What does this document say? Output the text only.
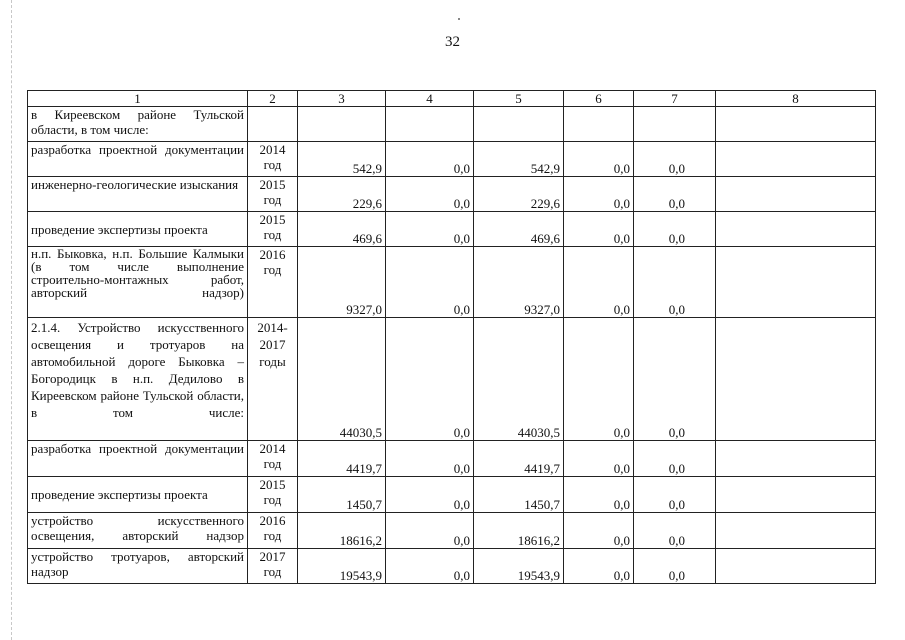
32
1	2	3	4	5	6	7	8
в Киреевском районе Тульской области, в том числе:							
разработка проектной документации	2014 год	542,9	0,0	542,9	0,0	0,0	
инженерно-геологические изыскания	2015 год	229,6	0,0	229,6	0,0	0,0	
проведение экспертизы проекта	2015 год	469,6	0,0	469,6	0,0	0,0	
н.п. Быковка, н.п. Большие Калмыки (в том числе выполнение строительно-монтажных работ, авторский надзор)	2016 год	9327,0	0,0	9327,0	0,0	0,0	
2.1.4. Устройство искусственного освещения и тротуаров на автомобильной дороге Быковка – Богородицк в н.п. Дедилово в Киреевском районе Тульской области, в том числе:	2014-2017 годы	44030,5	0,0	44030,5	0,0	0,0	
разработка проектной документации	2014 год	4419,7	0,0	4419,7	0,0	0,0	
проведение экспертизы проекта	2015 год	1450,7	0,0	1450,7	0,0	0,0	
устройство искусственного освещения, авторский надзор	2016 год	18616,2	0,0	18616,2	0,0	0,0	
устройство тротуаров, авторский надзор	2017 год	19543,9	0,0	19543,9	0,0	0,0	
